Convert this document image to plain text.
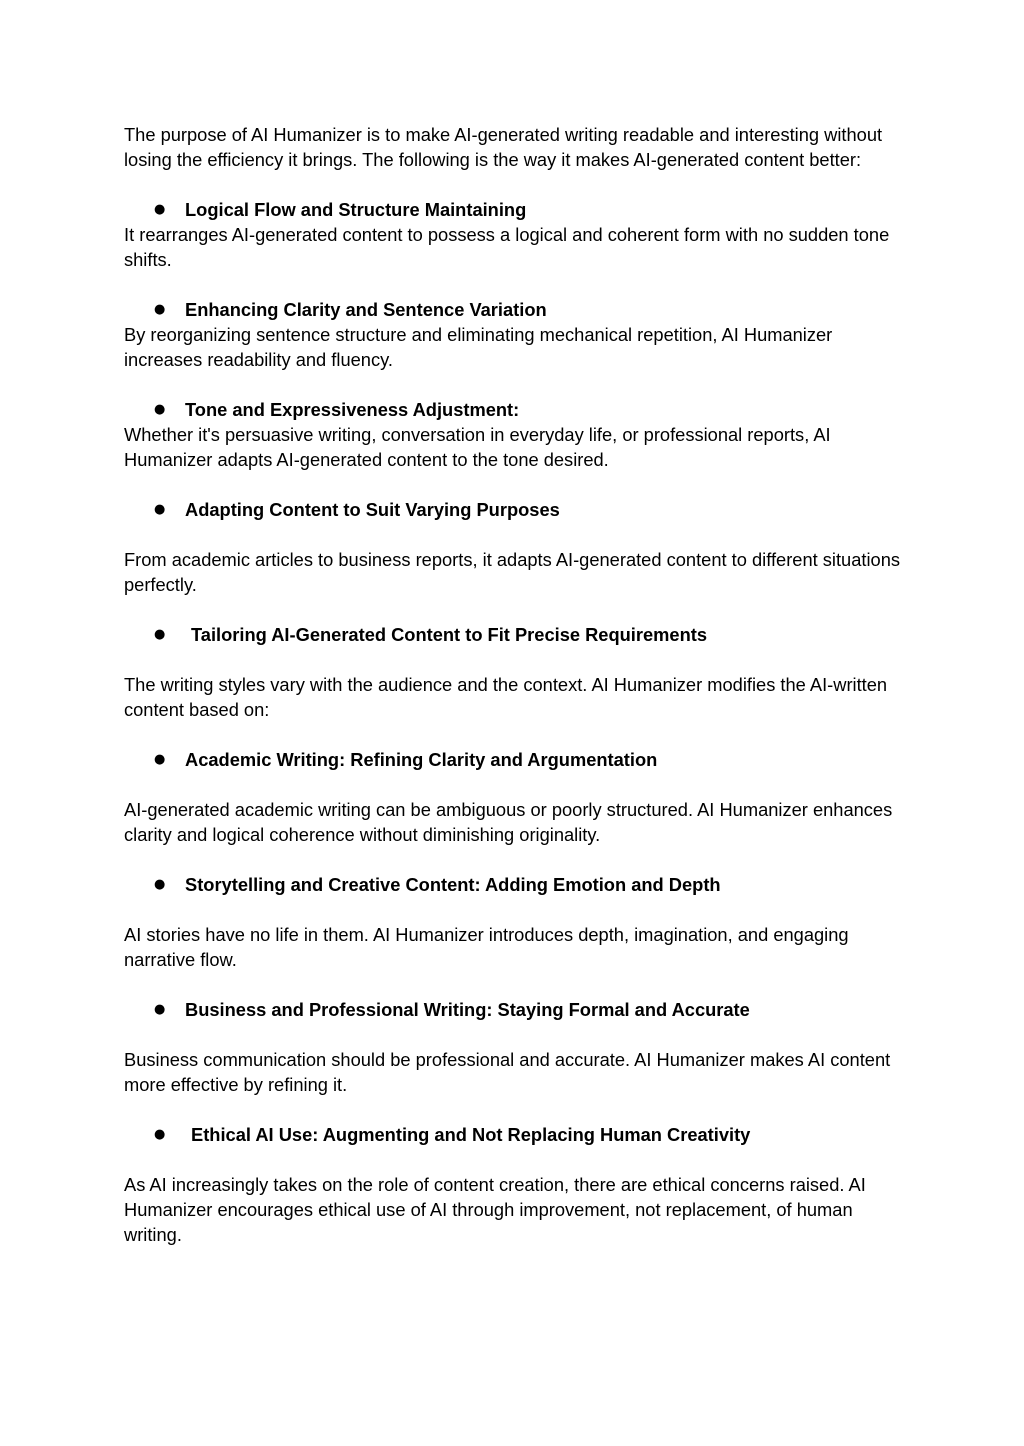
The purpose of AI Humanizer is to make AI-generated writing readable and interesting without losing the efficiency it brings. The following is the way it makes AI-generated content better:

● Logical Flow and Structure Maintaining

It rearranges AI-generated content to possess a logical and coherent form with no sudden tone shifts.

● Enhancing Clarity and Sentence Variation

By reorganizing sentence structure and eliminating mechanical repetition, AI Humanizer increases readability and fluency.

● Tone and Expressiveness Adjustment:

Whether it's persuasive writing, conversation in everyday life, or professional reports, AI Humanizer adapts AI-generated content to the tone desired.

● Adapting Content to Suit Varying Purposes

From academic articles to business reports, it adapts AI-generated content to different situations perfectly.

● Tailoring AI-Generated Content to Fit Precise Requirements

The writing styles vary with the audience and the context. AI Humanizer modifies the AI-written content based on:

● Academic Writing: Refining Clarity and Argumentation

AI-generated academic writing can be ambiguous or poorly structured. AI Humanizer enhances clarity and logical coherence without diminishing originality.

● Storytelling and Creative Content: Adding Emotion and Depth

AI stories have no life in them. AI Humanizer introduces depth, imagination, and engaging narrative flow.

● Business and Professional Writing: Staying Formal and Accurate

Business communication should be professional and accurate. AI Humanizer makes AI content more effective by refining it.

● Ethical AI Use: Augmenting and Not Replacing Human Creativity

As AI increasingly takes on the role of content creation, there are ethical concerns raised. AI Humanizer encourages ethical use of AI through improvement, not replacement, of human writing.
